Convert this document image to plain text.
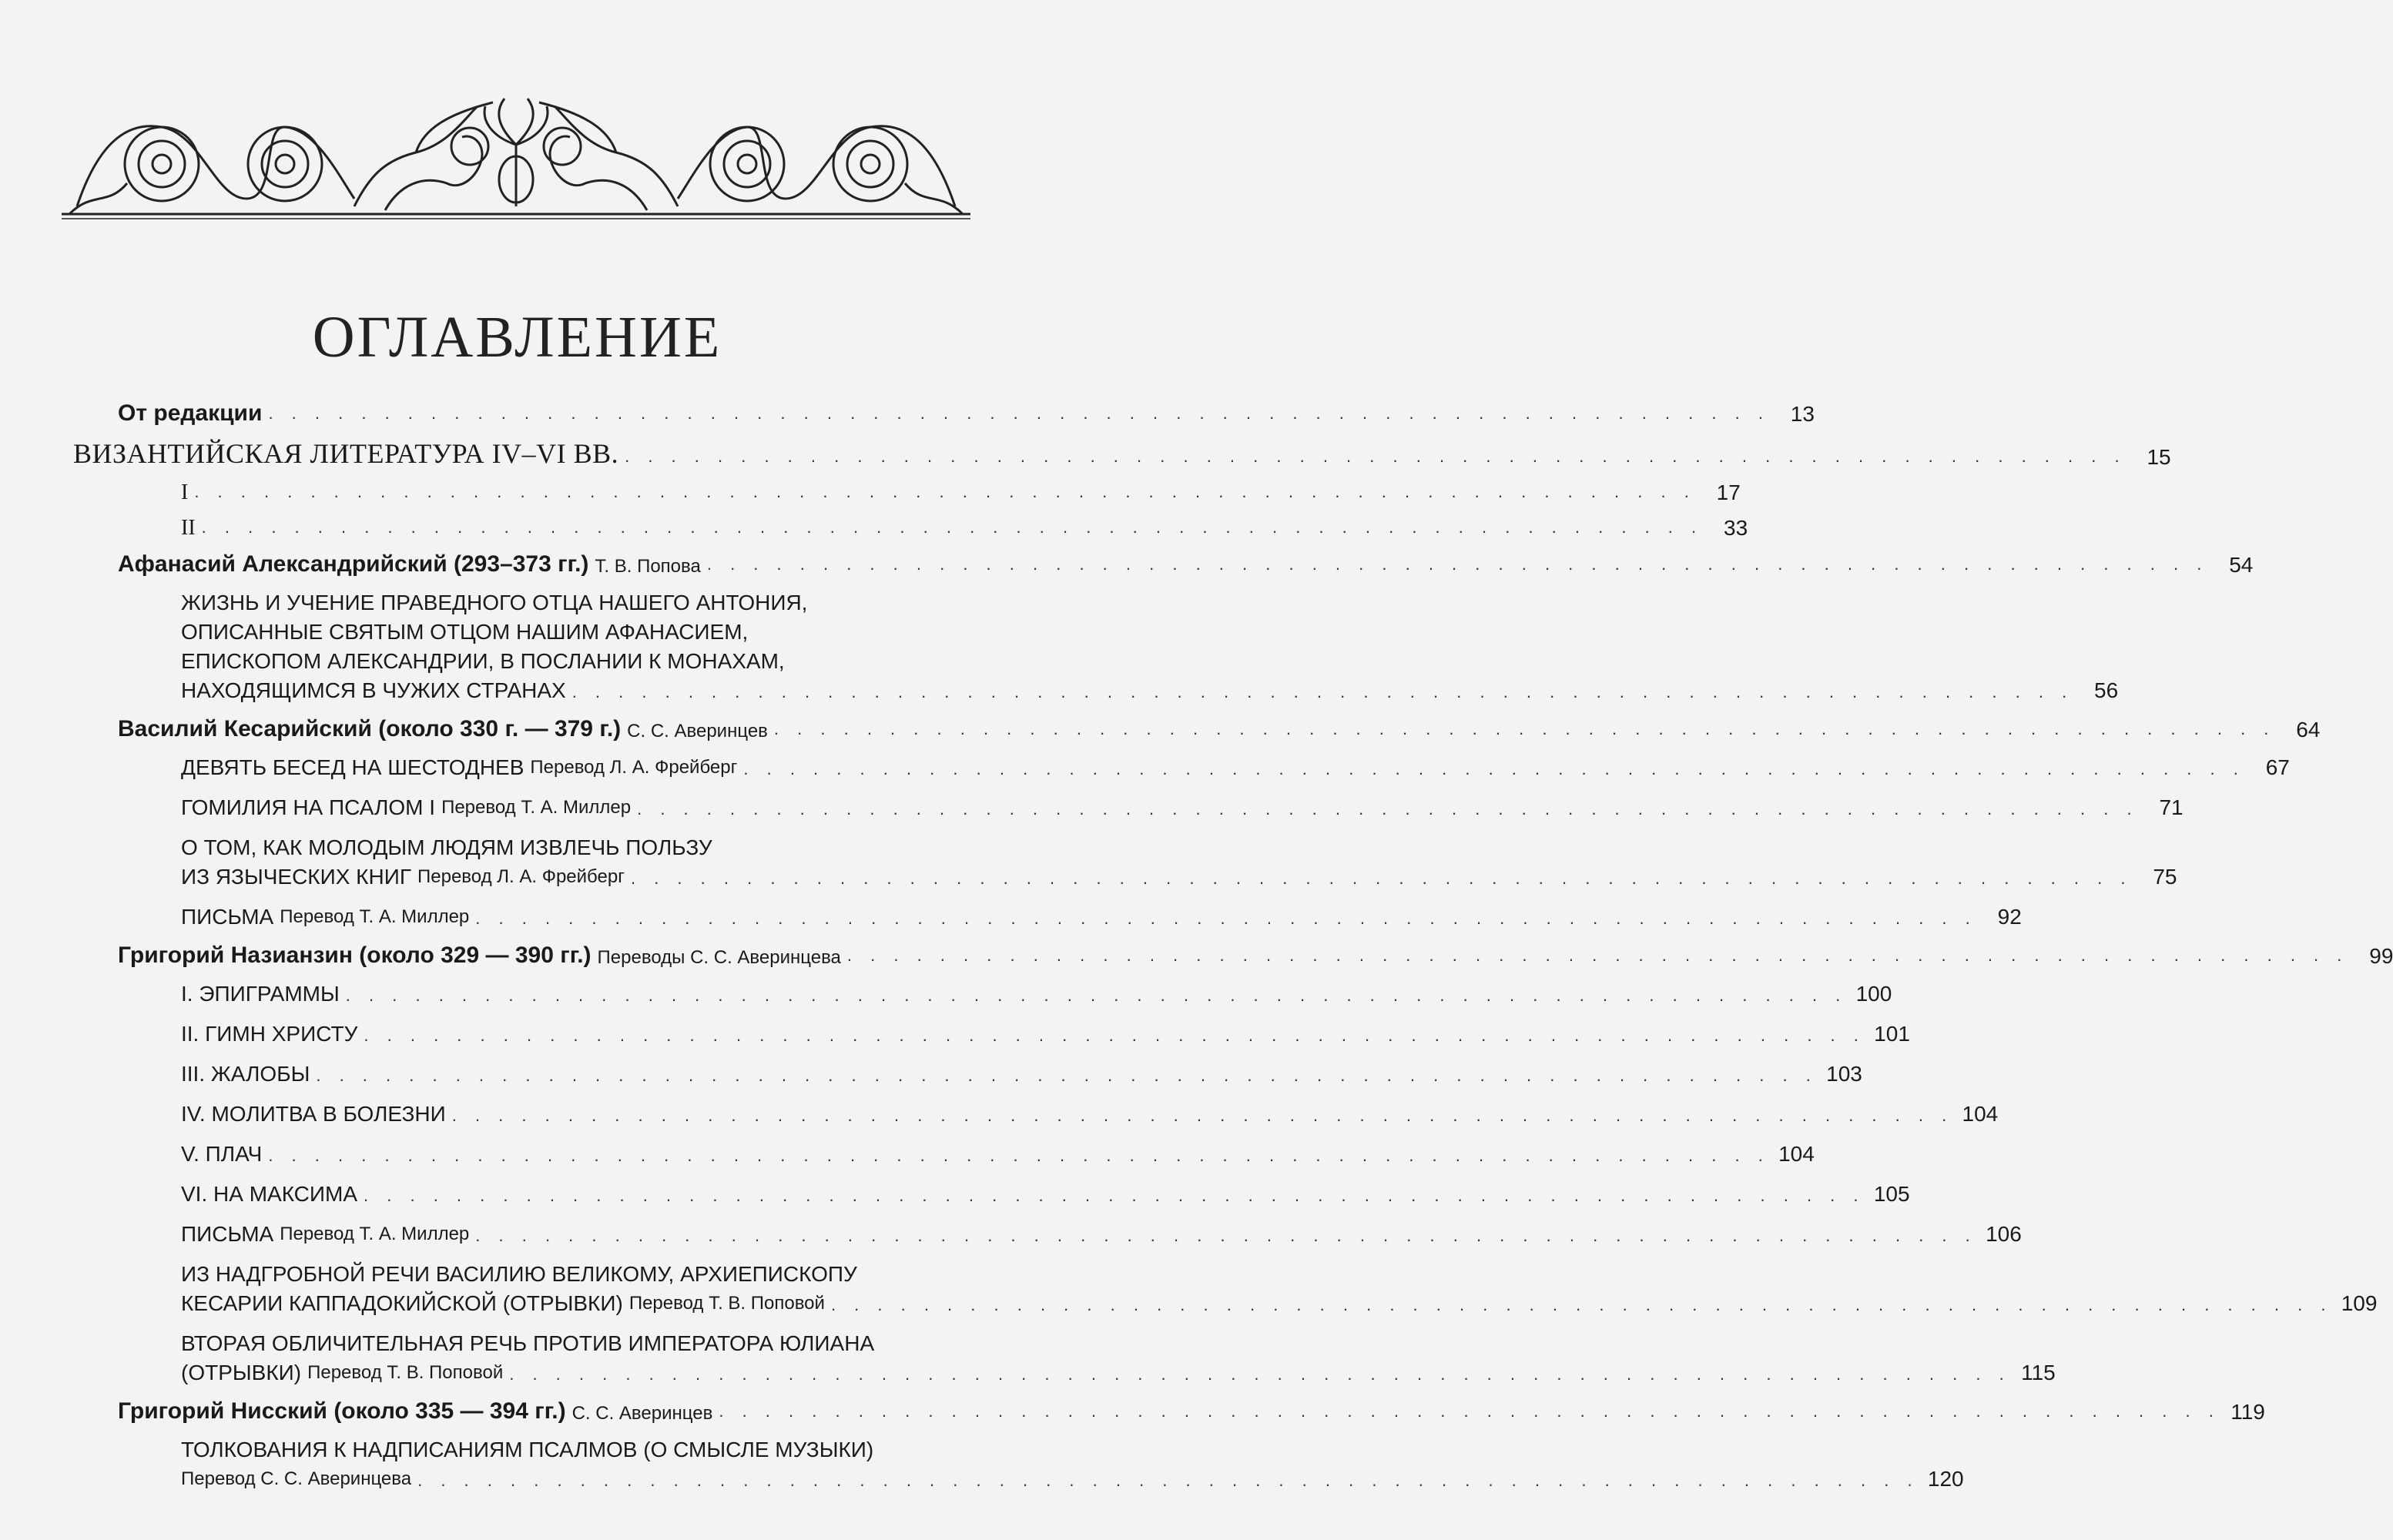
ОГЛАВЛЕНИЕ
От редакции . . . . . . . . . . . . . . . . . . . . . . . . . . . . . . . . . . . . . . . . . . . . . . . . . . . . . . . . . . . . . . . . . 13
ВИЗАНТИЙСКАЯ ЛИТЕРАТУРА IV–VI ВВ. . . . . . . . . . . . . . . . . . . . . . . . . . . . . . . . . . . . . . . . . . . . . . . . . . . . . . . . . . . . . . . . . . 15
I . . . . . . . . . . . . . . . . . . . . . . . . . . . . . . . . . . . . . . . . . . . . . . . . . . . . . . . . . . . . . . . . . 17
II . . . . . . . . . . . . . . . . . . . . . . . . . . . . . . . . . . . . . . . . . . . . . . . . . . . . . . . . . . . . . . . . . 33
Афанасий Александрийский (293–373 гг.) Т. В. Попова . . . . . . . . . . . . . . . . . . . . . . . . . . . . . . . . . . . . . . . . . . . . . . . . . . . . . . . . . . . . . . . . . 54
ЖИЗНЬ И УЧЕНИЕ ПРАВЕДНОГО ОТЦА НАШЕГО АНТОНИЯ,
ОПИСАННЫЕ СВЯТЫМ ОТЦОМ НАШИМ АФАНАСИЕМ,
ЕПИСКОПОМ АЛЕКСАНДРИИ, В ПОСЛАНИИ К МОНАХАМ,
НАХОДЯЩИМСЯ В ЧУЖИХ СТРАНАХ . . . . . . . . . . . . . . . . . . . . . . . . . . . . . . . . . . . . . . . . . . . . . . . . . . . . . . . . . . . . . . . . . 56
Василий Кесарийский (около 330 г. — 379 г.) С. С. Аверинцев . . . . . . . . . . . . . . . . . . . . . . . . . . . . . . . . . . . . . . . . . . . . . . . . . . . . . . . . . . . . . . . . . 64
ДЕВЯТЬ БЕСЕД НА ШЕСТОДНЕВ Перевод Л. А. Фрейберг . . . . . . . . . . . . . . . . . . . . . . . . . . . . . . . . . . . . . . . . . . . . . . . . . . . . . . . . . . . . . . . . . 67
ГОМИЛИЯ НА ПСАЛОМ I Перевод Т. А. Миллер . . . . . . . . . . . . . . . . . . . . . . . . . . . . . . . . . . . . . . . . . . . . . . . . . . . . . . . . . . . . . . . . . 71
О ТОМ, КАК МОЛОДЫМ ЛЮДЯМ ИЗВЛЕЧЬ ПОЛЬЗУ
ИЗ ЯЗЫЧЕСКИХ КНИГ Перевод Л. А. Фрейберг . . . . . . . . . . . . . . . . . . . . . . . . . . . . . . . . . . . . . . . . . . . . . . . . . . . . . . . . . . . . . . . . . 75
ПИСЬМА Перевод Т. А. Миллер . . . . . . . . . . . . . . . . . . . . . . . . . . . . . . . . . . . . . . . . . . . . . . . . . . . . . . . . . . . . . . . . . 92
Григорий Назианзин (около 329 — 390 гг.) Переводы С. С. Аверинцева . . . . . . . . . . . . . . . . . . . . . . . . . . . . . . . . . . . . . . . . . . . . . . . . . . . . . . . . . . . . . . . . . 99
I. ЭПИГРАММЫ . . . . . . . . . . . . . . . . . . . . . . . . . . . . . . . . . . . . . . . . . . . . . . . . . . . . . . . . . . . . . . . . . 100
II. ГИМН ХРИСТУ . . . . . . . . . . . . . . . . . . . . . . . . . . . . . . . . . . . . . . . . . . . . . . . . . . . . . . . . . . . . . . . . . 101
III. ЖАЛОБЫ . . . . . . . . . . . . . . . . . . . . . . . . . . . . . . . . . . . . . . . . . . . . . . . . . . . . . . . . . . . . . . . . . 103
IV. МОЛИТВА В БОЛЕЗНИ . . . . . . . . . . . . . . . . . . . . . . . . . . . . . . . . . . . . . . . . . . . . . . . . . . . . . . . . . . . . . . . . . 104
V. ПЛАЧ . . . . . . . . . . . . . . . . . . . . . . . . . . . . . . . . . . . . . . . . . . . . . . . . . . . . . . . . . . . . . . . . . 104
VI. НА МАКСИМА . . . . . . . . . . . . . . . . . . . . . . . . . . . . . . . . . . . . . . . . . . . . . . . . . . . . . . . . . . . . . . . . . 105
ПИСЬМА Перевод Т. А. Миллер . . . . . . . . . . . . . . . . . . . . . . . . . . . . . . . . . . . . . . . . . . . . . . . . . . . . . . . . . . . . . . . . . 106
ИЗ НАДГРОБНОЙ РЕЧИ ВАСИЛИЮ ВЕЛИКОМУ, АРХИЕПИСКОПУ
КЕСАРИИ КАППАДОКИЙСКОЙ (ОТРЫВКИ) Перевод Т. В. Поповой . . . . . . . . . . . . . . . . . . . . . . . . . . . . . . . . . . . . . . . . . . . . . . . . . . . . . . . . . . . . . . . . . 109
ВТОРАЯ ОБЛИЧИТЕЛЬНАЯ РЕЧЬ ПРОТИВ ИМПЕРАТОРА ЮЛИАНА
(ОТРЫВКИ) Перевод Т. В. Поповой . . . . . . . . . . . . . . . . . . . . . . . . . . . . . . . . . . . . . . . . . . . . . . . . . . . . . . . . . . . . . . . . . 115
Григорий Нисский (около 335 — 394 гг.) С. С. Аверинцев . . . . . . . . . . . . . . . . . . . . . . . . . . . . . . . . . . . . . . . . . . . . . . . . . . . . . . . . . . . . . . . . . 119
ТОЛКОВАНИЯ К НАДПИСАНИЯМ ПСАЛМОВ (О СМЫСЛЕ МУЗЫКИ)
Перевод С. С. Аверинцева . . . . . . . . . . . . . . . . . . . . . . . . . . . . . . . . . . . . . . . . . . . . . . . . . . . . . . . . . . . . . . . . . 120
